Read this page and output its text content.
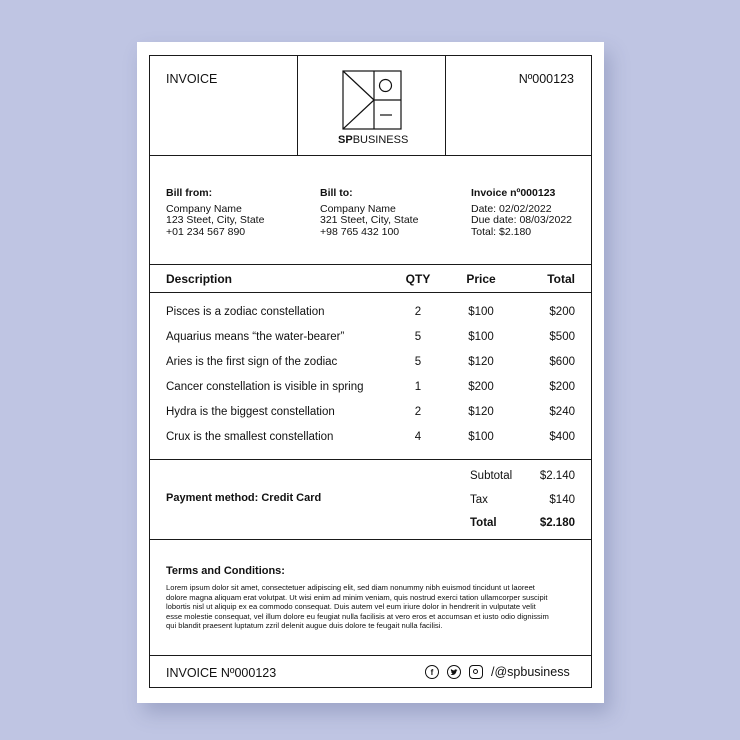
INVOICE
SPBUSINESS
Nº000123
Bill from:
Company Name
123 Steet, City, State
+01 234 567 890
Bill to:
Company Name
321 Steet, City, State
+98 765 432 100
Invoice nº000123
Date: 02/02/2022
Due date: 08/03/2022
Total: $2.180
Description	QTY	Price	Total
Pisces is a zodiac constellation	2	$100	$200
Aquarius means “the water-bearer”	5	$100	$500
Aries is the first sign of the zodiac	5	$120	$600
Cancer constellation is visible in spring	1	$200	$200
Hydra is the biggest constellation	2	$120	$240
Crux is the smallest constellation	4	$100	$400
Payment method: Credit Card
Subtotal	$2.140
Tax	$140
Total	$2.180
Terms and Conditions:
Lorem ipsum dolor sit amet, consectetuer adipiscing elit, sed diam nonummy nibh euismod tincidunt ut laoreet
dolore magna aliquam erat volutpat. Ut wisi enim ad minim veniam, quis nostrud exerci tation ullamcorper suscipit
lobortis nisl ut aliquip ex ea commodo consequat. Duis autem vel eum iriure dolor in hendrerit in vulputate velit
esse molestie consequat, vel illum dolore eu feugiat nulla facilisis at vero eros et accumsan et iusto odio dignissim
qui blandit praesent luptatum zzril delenit augue duis dolore te feugait nulla facilisi.
INVOICE Nº000123	f	/@spbusiness
